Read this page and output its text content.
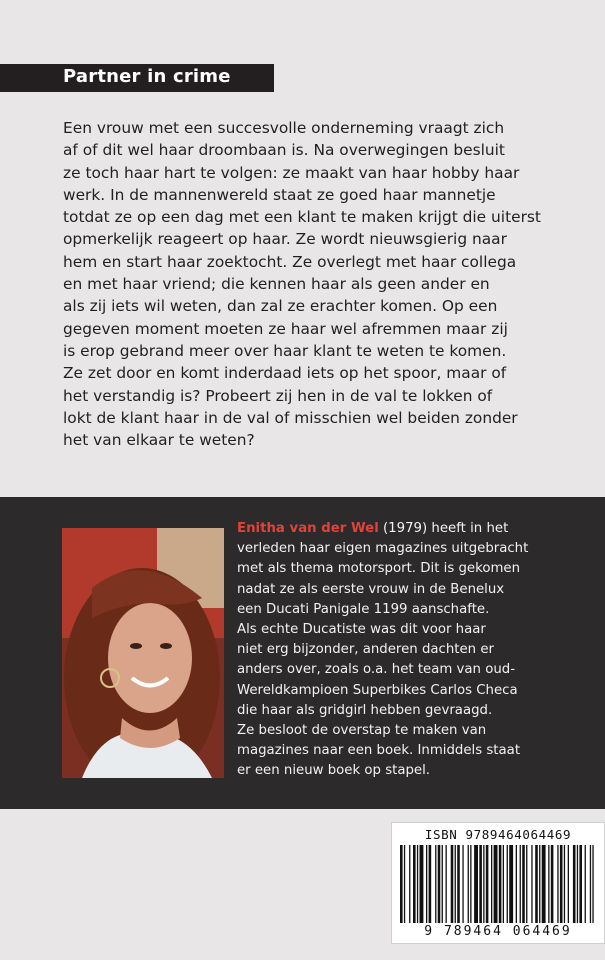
Partner in crime
Een vrouw met een succesvolle onderneming vraagt zich
af of dit wel haar droombaan is. Na overwegingen besluit
ze toch haar hart te volgen: ze maakt van haar hobby haar
werk. In de mannenwereld staat ze goed haar mannetje
totdat ze op een dag met een klant te maken krijgt die uiterst
opmerkelijk reageert op haar. Ze wordt nieuwsgierig naar
hem en start haar zoektocht. Ze overlegt met haar collega
en met haar vriend; die kennen haar als geen ander en
als zij iets wil weten, dan zal ze erachter komen. Op een
gegeven moment moeten ze haar wel afremmen maar zij
is erop gebrand meer over haar klant te weten te komen.
Ze zet door en komt inderdaad iets op het spoor, maar of
het verstandig is? Probeert zij hen in de val te lokken of
lokt de klant haar in de val of misschien wel beiden zonder
het van elkaar te weten?
Enitha van der Wel (1979) heeft in het
verleden haar eigen magazines uitgebracht
met als thema motorsport. Dit is gekomen
nadat ze als eerste vrouw in de Benelux
een Ducati Panigale 1199 aanschafte.
Als echte Ducatiste was dit voor haar
niet erg bijzonder, anderen dachten er
anders over, zoals o.a. het team van oud-
Wereldkampioen Superbikes Carlos Checa
die haar als gridgirl hebben gevraagd.
Ze besloot de overstap te maken van
magazines naar een boek. Inmiddels staat
er een nieuw boek op stapel.
ISBN 9789464064469
9 789464 064469
